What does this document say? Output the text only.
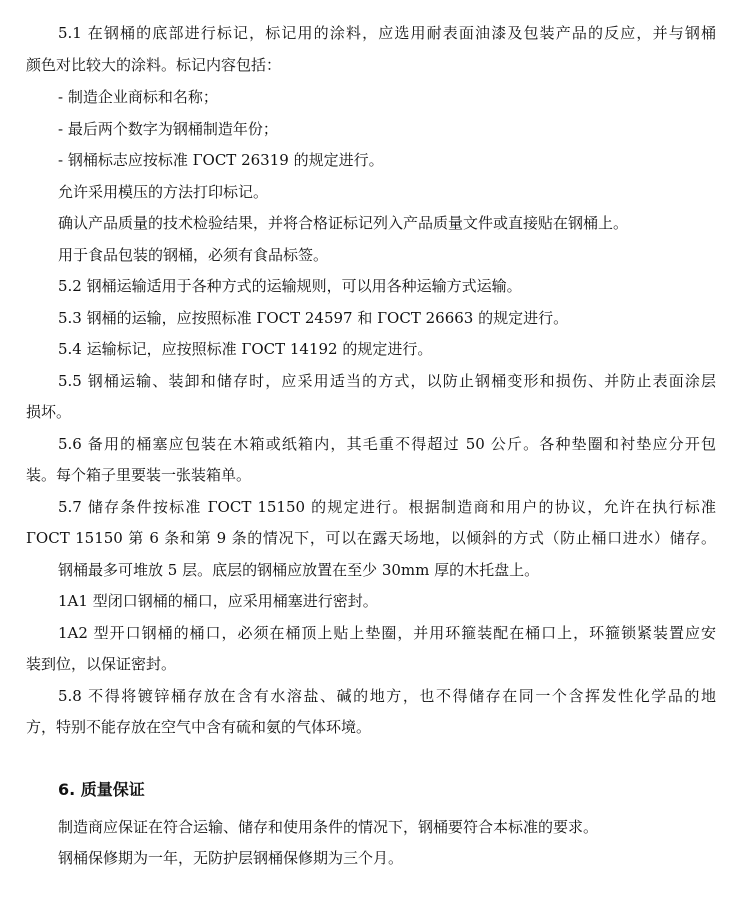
5.1 在钢桶的底部进行标记，标记用的涂料，应选用耐表面油漆及包装产品的反应，并与钢桶
颜色对比较大的涂料。标记内容包括：
- 制造企业商标和名称；
- 最后两个数字为钢桶制造年份；
- 钢桶标志应按标准 ГОСТ 26319 的规定进行。
允许采用模压的方法打印标记。
确认产品质量的技术检验结果，并将合格证标记列入产品质量文件或直接贴在钢桶上。
用于食品包装的钢桶，必须有食品标签。
5.2 钢桶运输适用于各种方式的运输规则，可以用各种运输方式运输。
5.3 钢桶的运输，应按照标准 ГОСТ 24597 和 ГОСТ 26663 的规定进行。
5.4 运输标记，应按照标准 ГОСТ 14192 的规定进行。
5.5 钢桶运输、装卸和储存时，应采用适当的方式，以防止钢桶变形和损伤、并防止表面涂层
损坏。
5.6 备用的桶塞应包装在木箱或纸箱内，其毛重不得超过 50 公斤。各种垫圈和衬垫应分开包
装。每个箱子里要装一张装箱单。
5.7 储存条件按标准 ГОСТ 15150 的规定进行。根据制造商和用户的协议，允许在执行标准
ГОСТ 15150 第 6 条和第 9 条的情况下，可以在露天场地，以倾斜的方式（防止桶口进水）储存。
钢桶最多可堆放 5 层。底层的钢桶应放置在至少 30mm 厚的木托盘上。
1A1 型闭口钢桶的桶口，应采用桶塞进行密封。
1A2 型开口钢桶的桶口，必须在桶顶上贴上垫圈，并用环箍装配在桶口上，环箍锁紧装置应安
装到位，以保证密封。
5.8 不得将镀锌桶存放在含有水溶盐、碱的地方，也不得储存在同一个含挥发性化学品的地
方，特别不能存放在空气中含有硫和氨的气体环境。
6. 质量保证
制造商应保证在符合运输、储存和使用条件的情况下，钢桶要符合本标准的要求。
钢桶保修期为一年，无防护层钢桶保修期为三个月。
